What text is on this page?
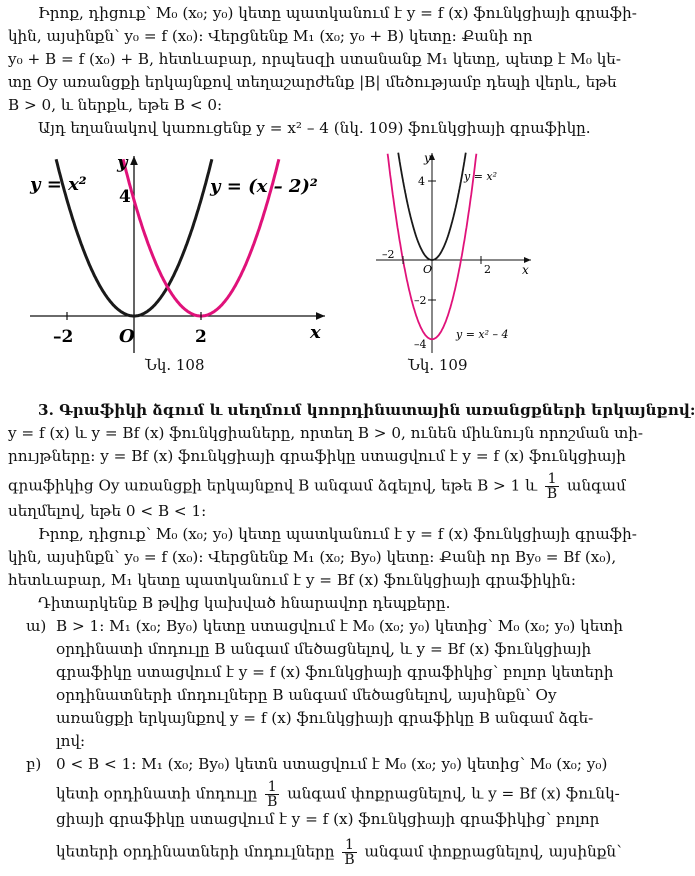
Իրոք, դիցուք՝ M₀ (x₀; y₀) կետը պատկանում է y = f (x) ֆունկցիայի գրաֆի-
կին, այսինքն՝ y₀ = f (x₀): Վերցնենք M₁ (x₀; y₀ + B) կետը: Քանի որ
y₀ + B = f (x₀) + B, հետևաբար, որպեսզի ստանանք M₁ կետը, պետք է M₀ կե-
տը Oy առանցքի երկայնքով տեղաշարժենք |B| մեծությամբ դեպի վերև, եթե
B > 0, և ներքև, եթե B < 0:
Այդ եղանակով կառուցենք y = x² – 4 (նկ. 109) ֆունկցիայի գրաֆիկը.
y = x²	y = (x – 2)²
y
x
4
–2	2
O
Նկ. 108
y = x²
y = x² – 4
y
x
4
–2
–4
–2
2
O
Նկ. 109
3. Գրաֆիկի ձգում և սեղմում կոորդինատային առանցքների երկայնքով:
y = f (x) և y = Bf (x) ֆունկցիաները, որտեղ B > 0, ունեն միևնույն որոշման տի-
րույթները: y = Bf (x) ֆունկցիայի գրաֆիկը ստացվում է y = f (x) ֆունկցիայի
գրաֆիկից Oy առանցքի երկայնքով B անգամ ձգելով, եթե B > 1 և $\frac{1}{B}$ անգամ
սեղմելով, եթե 0 < B < 1:
Իրոք, դիցուք՝ M₀ (x₀; y₀) կետը պատկանում է y = f (x) ֆունկցիայի գրաֆի-
կին, այսինքն՝ y₀ = f (x₀): Վերցնենք M₁ (x₀; By₀) կետը: Քանի որ By₀ = Bf (x₀),
հետևաբար, M₁ կետը պատկանում է y = Bf (x) ֆունկցիայի գրաֆիկին:
Դիտարկենք B թվից կախված հնարավոր դեպքերը.
ա) B > 1: M₁ (x₀; By₀) կետը ստացվում է M₀ (x₀; y₀) կետից՝ M₀ (x₀; y₀) կետի
օրդինատի մոդուլը B անգամ մեծացնելով, և y = Bf (x) ֆունկցիայի
գրաֆիկը ստացվում է y = f (x) ֆունկցիայի գրաֆիկից՝ բոլոր կետերի
օրդինատների մոդուլները B անգամ մեծացնելով, այսինքն՝ Oy
առանցքի երկայնքով y = f (x) ֆունկցիայի գրաֆիկը B անգամ ձգե-
լով:
բ) 0 < B < 1: M₁ (x₀; By₀) կետն ստացվում է M₀ (x₀; y₀) կետից՝ M₀ (x₀; y₀)
կետի օրդինատի մոդուլը $\frac{1}{B}$ անգամ փոքրացնելով, և y = Bf (x) ֆունկ-
ցիայի գրաֆիկը ստացվում է y = f (x) ֆունկցիայի գրաֆիկից՝ բոլոր
կետերի օրդինատների մոդուլները $\frac{1}{B}$ անգամ փոքրացնելով, այսինքն՝
